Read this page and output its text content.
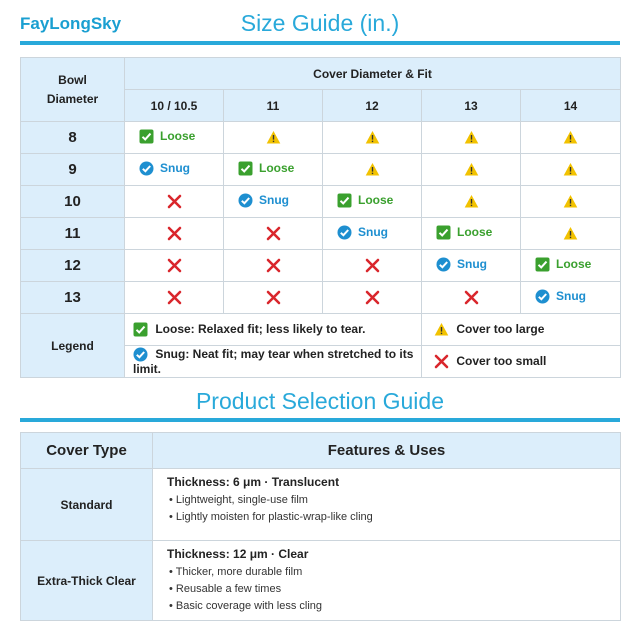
FayLongSky	Size Guide (in.)
Bowl Diameter	Cover Diameter & Fit				
	10 / 10.5	11	12	13	14
8	Loose

9	Snug	Loose

10		Snug	Loose

11			Snug	Loose

12				Snug	Loose

13					Snug

Legend	Loose: Relaxed fit; less likely to tear.			Cover too large	
	Snug: Neat fit; may tear when stretched to its limit.			Cover too small	
Product Selection Guide
Cover Type	Features & Uses
Standard	Thickness: 6 μm · Translucent
• Lightweight, single-use film
• Lightly moisten for plastic-wrap-like cling

Extra-Thick Clear	Thickness: 12 μm · Clear
• Thicker, more durable film
• Reusable a few times
• Basic coverage with less cling
